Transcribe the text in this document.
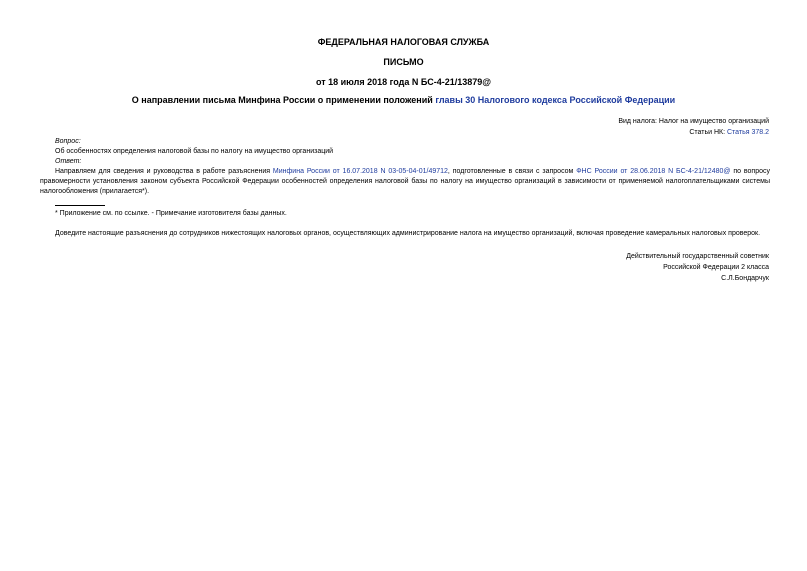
ФЕДЕРАЛЬНАЯ НАЛОГОВАЯ СЛУЖБА
ПИСЬМО
от 18 июля 2018 года N БС-4-21/13879@
О направлении письма Минфина России о применении положений главы 30 Налогового кодекса Российской Федерации
Вид налога: Налог на имущество организаций
Статьи НК: Статья 378.2
Вопрос:
Об особенностях определения налоговой базы по налогу на имущество организаций
Ответ:
Направляем для сведения и руководства в работе разъяснения Минфина России от 16.07.2018 N 03-05-04-01/49712, подготовленные в связи с запросом ФНС России от 28.06.2018 N БС-4-21/12480@ по вопросу правомерности установления законом субъекта Российской Федерации особенностей определения налоговой базы по налогу на имущество организаций в зависимости от применяемой налогоплательщиками системы налогообложения (прилагается*).
* Приложение см. по ссылке. - Примечание изготовителя базы данных.
Доведите настоящие разъяснения до сотрудников нижестоящих налоговых органов, осуществляющих администрирование налога на имущество организаций, включая проведение камеральных налоговых проверок.
Действительный государственный советник
Российской Федерации 2 класса
С.Л.Бондарчук
